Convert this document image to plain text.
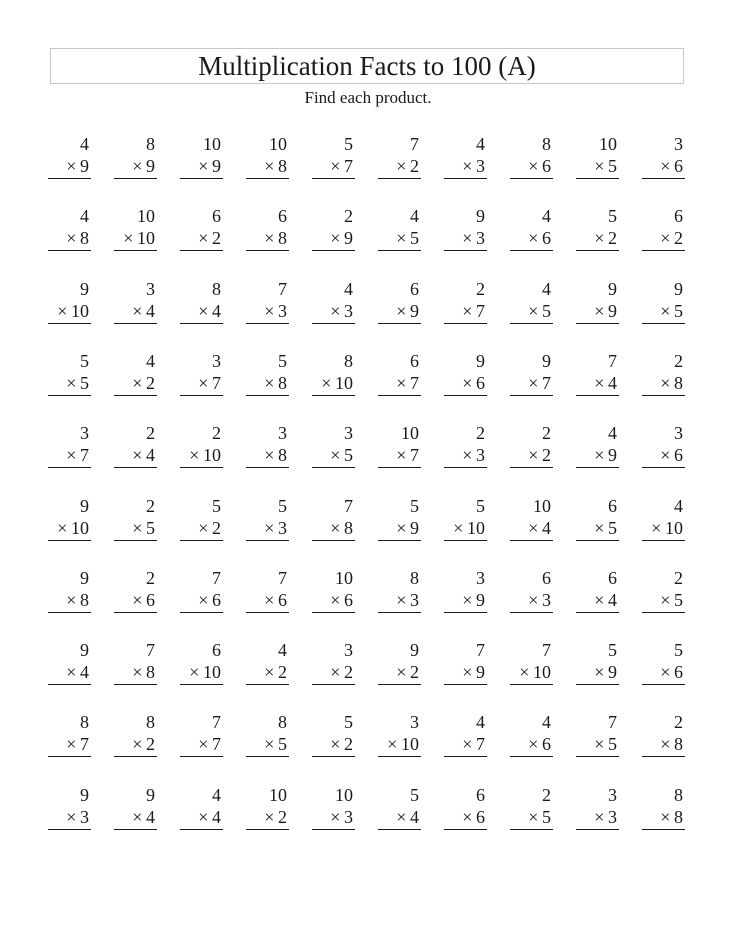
Multiplication Facts to 100 (A)
Find each product.
4
× 9
8
× 9
10
× 9
10
× 8
5
× 7
7
× 2
4
× 3
8
× 6
10
× 5
3
× 6
4
× 8
10
× 10
6
× 2
6
× 8
2
× 9
4
× 5
9
× 3
4
× 6
5
× 2
6
× 2
9
× 10
3
× 4
8
× 4
7
× 3
4
× 3
6
× 9
2
× 7
4
× 5
9
× 9
9
× 5
5
× 5
4
× 2
3
× 7
5
× 8
8
× 10
6
× 7
9
× 6
9
× 7
7
× 4
2
× 8
3
× 7
2
× 4
2
× 10
3
× 8
3
× 5
10
× 7
2
× 3
2
× 2
4
× 9
3
× 6
9
× 10
2
× 5
5
× 2
5
× 3
7
× 8
5
× 9
5
× 10
10
× 4
6
× 5
4
× 10
9
× 8
2
× 6
7
× 6
7
× 6
10
× 6
8
× 3
3
× 9
6
× 3
6
× 4
2
× 5
9
× 4
7
× 8
6
× 10
4
× 2
3
× 2
9
× 2
7
× 9
7
× 10
5
× 9
5
× 6
8
× 7
8
× 2
7
× 7
8
× 5
5
× 2
3
× 10
4
× 7
4
× 6
7
× 5
2
× 8
9
× 3
9
× 4
4
× 4
10
× 2
10
× 3
5
× 4
6
× 6
2
× 5
3
× 3
8
× 8
